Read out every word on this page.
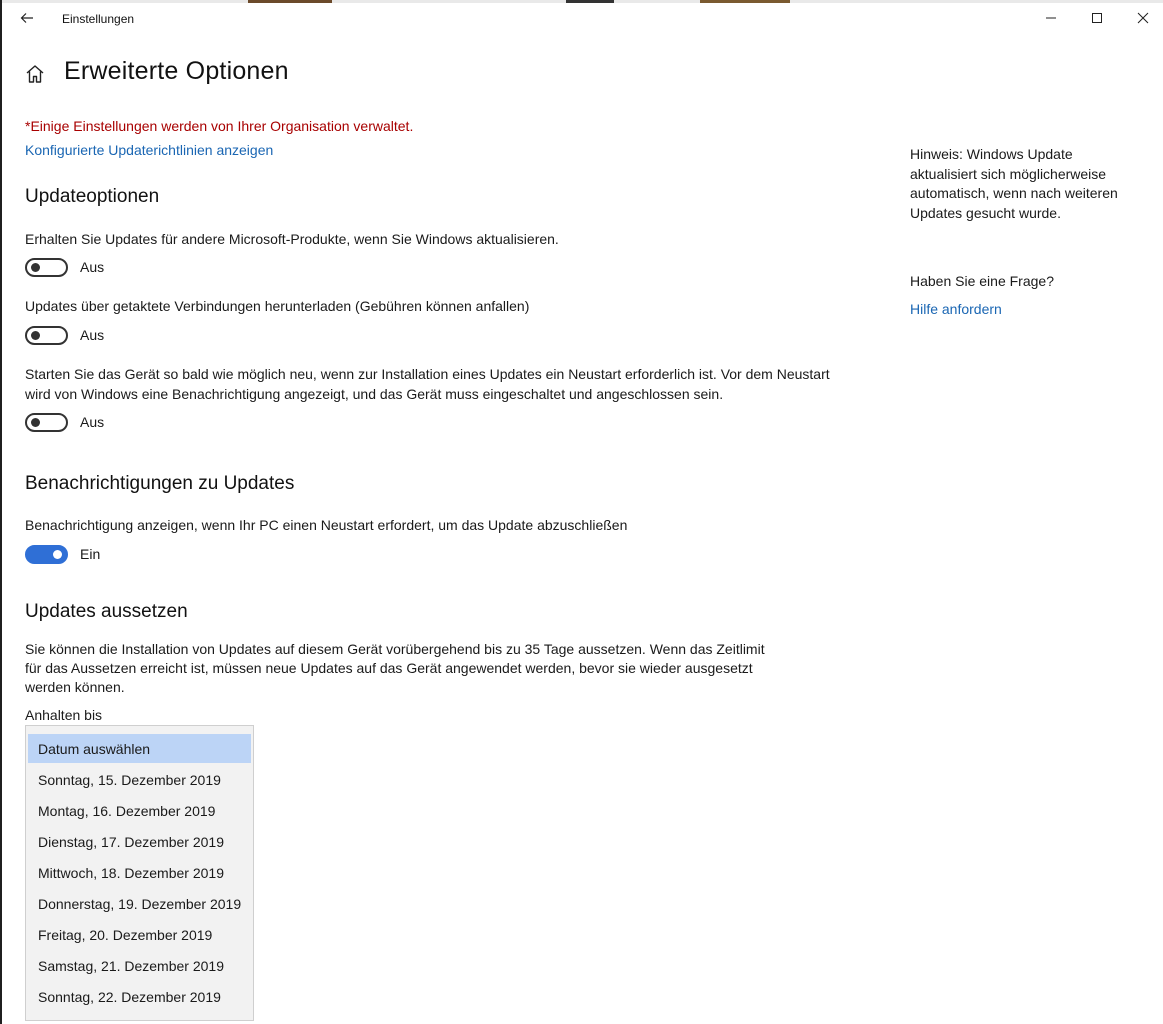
Einstellungen
Erweiterte Optionen
*Einige Einstellungen werden von Ihrer Organisation verwaltet.
Konfigurierte Updaterichtlinien anzeigen
Updateoptionen
Erhalten Sie Updates für andere Microsoft-Produkte, wenn Sie Windows aktualisieren.
Aus
Updates über getaktete Verbindungen herunterladen (Gebühren können anfallen)
Aus
Starten Sie das Gerät so bald wie möglich neu, wenn zur Installation eines Updates ein Neustart erforderlich ist. Vor dem Neustart
wird von Windows eine Benachrichtigung angezeigt, und das Gerät muss eingeschaltet und angeschlossen sein.
Aus
Benachrichtigungen zu Updates
Benachrichtigung anzeigen, wenn Ihr PC einen Neustart erfordert, um das Update abzuschließen
Ein
Updates aussetzen
Sie können die Installation von Updates auf diesem Gerät vorübergehend bis zu 35 Tage aussetzen. Wenn das Zeitlimit
für das Aussetzen erreicht ist, müssen neue Updates auf das Gerät angewendet werden, bevor sie wieder ausgesetzt
werden können.
Anhalten bis
Datum auswählen
Sonntag, 15. Dezember 2019
Montag, 16. Dezember 2019
Dienstag, 17. Dezember 2019
Mittwoch, 18. Dezember 2019
Donnerstag, 19. Dezember 2019
Freitag, 20. Dezember 2019
Samstag, 21. Dezember 2019
Sonntag, 22. Dezember 2019
Hinweis: Windows Update
aktualisiert sich möglicherweise
automatisch, wenn nach weiteren
Updates gesucht wurde.
Haben Sie eine Frage?
Hilfe anfordern
